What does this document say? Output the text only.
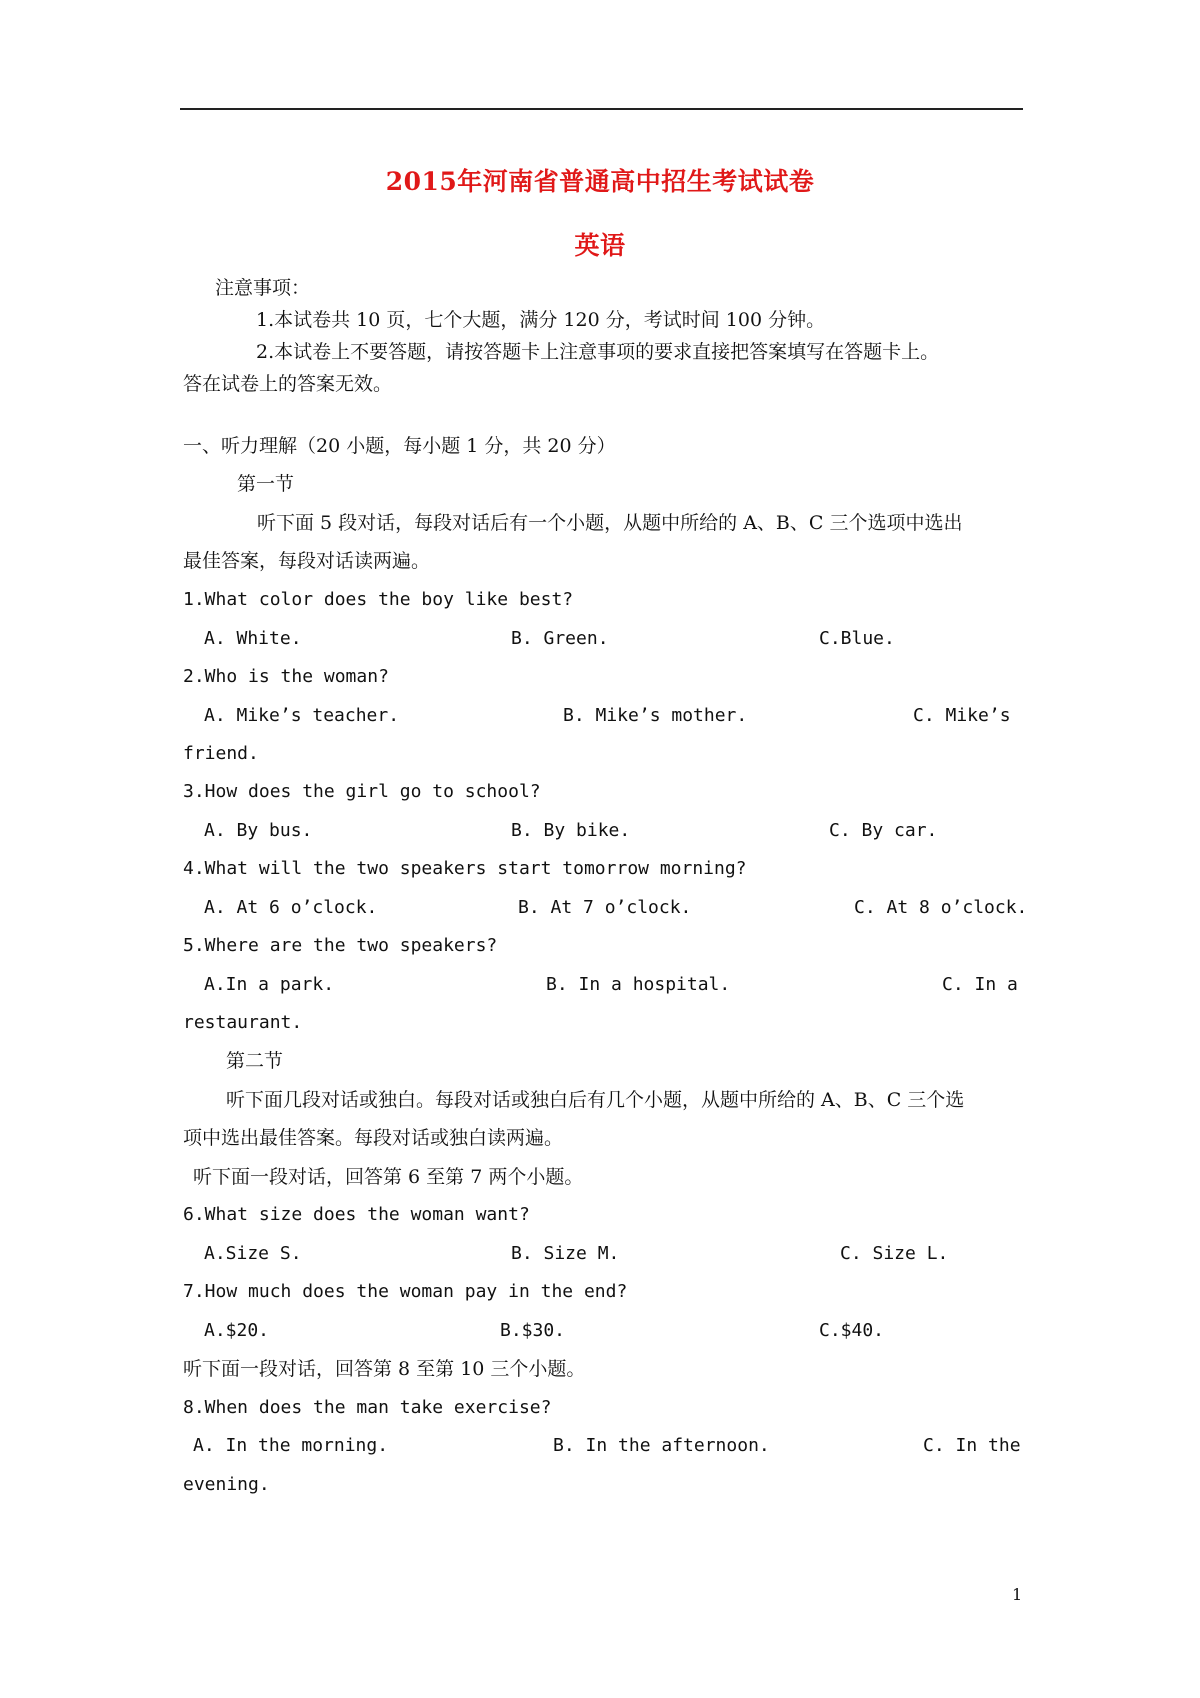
2015年河南省普通高中招生考试试卷
英语
注意事项：
1.本试卷共 10 页，七个大题，满分 120 分，考试时间 100 分钟。
2.本试卷上不要答题，请按答题卡上注意事项的要求直接把答案填写在答题卡上。
答在试卷上的答案无效。
一、听力理解（20 小题，每小题 1 分，共 20 分）
第一节
听下面 5 段对话，每段对话后有一个小题，从题中所给的 A、B、C 三个选项中选出
最佳答案，每段对话读两遍。
1.What color does the boy like best?
A. White.	B. Green.	C.Blue.
2.Who is the woman?
A. Mike’s teacher.	B. Mike’s mother.	C. Mike’s
friend.
3.How does the girl go to school?
A. By bus.	B. By bike.	C. By car.
4.What will the two speakers start tomorrow morning?
A. At 6 o’clock.	B. At 7 o’clock.	C. At 8 o’clock.
5.Where are the two speakers?
A.In a park.	B. In a hospital.	C. In a
restaurant.
第二节
听下面几段对话或独白。每段对话或独白后有几个小题，从题中所给的 A、B、C 三个选
项中选出最佳答案。每段对话或独白读两遍。
听下面一段对话，回答第 6 至第 7 两个小题。
6.What size does the woman want?
A.Size S.	B. Size M.	C. Size L.
7.How much does the woman pay in the end?
A.$20.	B.$30.	C.$40.
听下面一段对话，回答第 8 至第 10 三个小题。
8.When does the man take exercise?
A. In the morning.	B. In the afternoon.	C. In the
evening.
1
